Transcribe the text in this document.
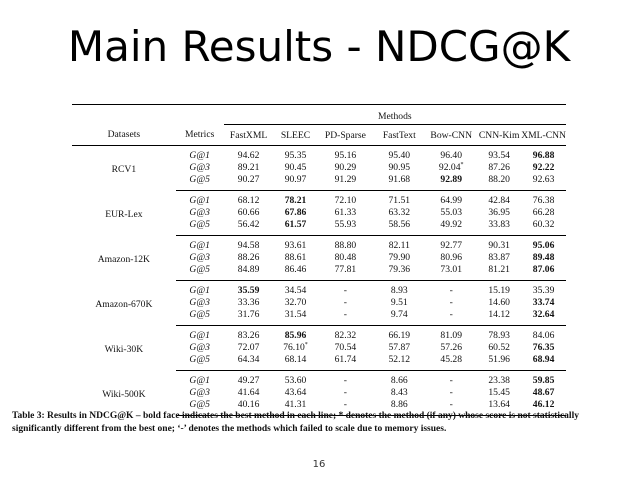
Main Results - NDCG@K

		Methods						
Datasets	Metrics	FastXML	SLEEC	PD-Sparse	FastText	Bow-CNN	CNN-Kim	XML-CNN
RCV1	G@1	94.62	95.35	95.16	95.40	96.40	93.54	96.88
	G@3	89.21	90.45	90.29	90.95	92.04*	87.26	92.22
	G@5	90.27	90.97	91.29	91.68	92.89	88.20	92.63
EUR-Lex	G@1	68.12	78.21	72.10	71.51	64.99	42.84	76.38
	G@3	60.66	67.86	61.33	63.32	55.03	36.95	66.28
	G@5	56.42	61.57	55.93	58.56	49.92	33.83	60.32
Amazon-12K	G@1	94.58	93.61	88.80	82.11	92.77	90.31	95.06
	G@3	88.26	88.61	80.48	79.90	80.96	83.87	89.48
	G@5	84.89	86.46	77.81	79.36	73.01	81.21	87.06
Amazon-670K	G@1	35.59	34.54	-	8.93	-	15.19	35.39
	G@3	33.36	32.70	-	9.51	-	14.60	33.74
	G@5	31.76	31.54	-	9.74	-	14.12	32.64
Wiki-30K	G@1	83.26	85.96	82.32	66.19	81.09	78.93	84.06
	G@3	72.07	76.10*	70.54	57.87	57.26	60.52	76.35
	G@5	64.34	68.14	61.74	52.12	45.28	51.96	68.94
Wiki-500K	G@1	49.27	53.60	-	8.66	-	23.38	59.85
	G@3	41.64	43.64	-	8.43	-	15.45	48.67
	G@5	40.16	41.31	-	8.86	-	13.64	46.12

Table 3: Results in NDCG@K – bold face indicates the best method in each line; * denotes the method (if any) whose score is not statistically significantly different from the best one; ‘-’ denotes the methods which failed to scale due to memory issues.

16
